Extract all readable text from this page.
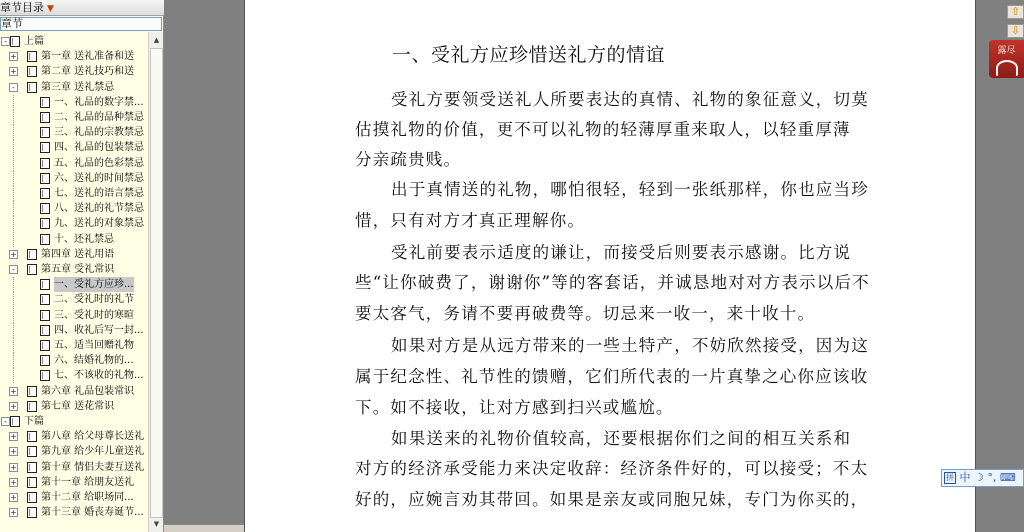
章节目录 ▼
章节
-	上篇
+ 第一章 送礼准备和送
+ 第二章 送礼技巧和送
-	第三章 送礼禁忌
一、礼品的数字禁...
二、礼品的品种禁忌
三、礼品的宗教禁忌
四、礼品的包装禁忌
五、礼品的色彩禁忌
六、送礼的时间禁忌
七、送礼的语言禁忌
八、送礼的礼节禁忌
九、送礼的对象禁忌
十、还礼禁忌
+ 第四章 送礼用语
-	第五章 受礼常识
一、受礼方应珍...
二、受礼时的礼节
三、受礼时的寒暄
四、收礼后写一封...
五、适当回赠礼物
六、结婚礼物的...
七、不该收的礼物...
+ 第六章 礼品包装常识
+ 第七章 送花常识
-	下篇
+ 第八章 给父母尊长送礼
+ 第九章 给少年儿童送礼
+ 第十章 情侣夫妻互送礼
+ 第十一章 给朋友送礼
+ 第十二章 给职场同...
+ 第十三章 婚丧寿诞节...
▲
▼
一、受礼方应珍惜送礼方的情谊
受礼方要领受送礼人所要表达的真情、礼物的象征意义，切莫
估摸礼物的价值，更不可以礼物的轻薄厚重来取人，以轻重厚薄
分亲疏贵贱。
出于真情送的礼物，哪怕很轻，轻到一张纸那样，你也应当珍
惜，只有对方才真正理解你。
受礼前要表示适度的谦让，而接受后则要表示感谢。比方说
些“让你破费了，谢谢你”等的客套话，并诚恳地对对方表示以后不
要太客气，务请不要再破费等。切忌来一收一，来十收十。
如果对方是从远方带来的一些土特产，不妨欣然接受，因为这
属于纪念性、礼节性的馈赠，它们所代表的一片真挚之心你应该收
下。如不接收，让对方感到扫兴或尴尬。
如果送来的礼物价值较高，还要根据你们之间的相互关系和
对方的经济承受能力来决定收辞：经济条件好的，可以接受；不太
好的，应婉言劝其带回。如果是亲友或同胞兄妹，专门为你买的，
⇧
⇩
露尽
拼 中 ☽ °, ⌨
